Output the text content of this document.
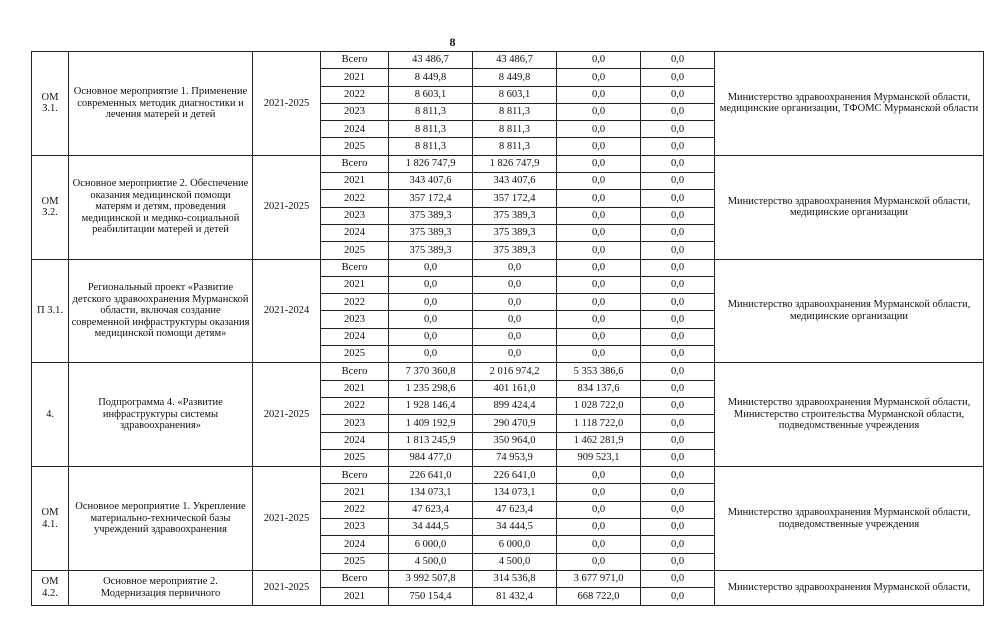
8
ОМ 3.1.	Основное мероприятие 1. Применение современных методик диагностики и лечения матерей и детей	2021-2025	Всего	43 486,7	43 486,7	0,0	0,0	Министерство здравоохранения Мурманской области, медицинские организации, ТФОМС Мурманской области
			2021	8 449,8	8 449,8	0,0	0,0	
			2022	8 603,1	8 603,1	0,0	0,0	
			2023	8 811,3	8 811,3	0,0	0,0	
			2024	8 811,3	8 811,3	0,0	0,0	
			2025	8 811,3	8 811,3	0,0	0,0	
ОМ 3.2.	Основное мероприятие 2. Обеспечение оказания медицинской помощи матерям и детям, проведения медицинской и медико-социальной реабилитации матерей и детей	2021-2025	Всего	1 826 747,9	1 826 747,9	0,0	0,0	Министерство здравоохранения Мурманской области, медицинские организации
			2021	343 407,6	343 407,6	0,0	0,0	
			2022	357 172,4	357 172,4	0,0	0,0	
			2023	375 389,3	375 389,3	0,0	0,0	
			2024	375 389,3	375 389,3	0,0	0,0	
			2025	375 389,3	375 389,3	0,0	0,0	
П 3.1.	Региональный проект «Развитие детского здравоохранения Мурманской области, включая создание современной инфраструктуры оказания медицинской помощи детям»	2021-2024	Всего	0,0	0,0	0,0	0,0	Министерство здравоохранения Мурманской области, медицинские организации
			2021	0,0	0,0	0,0	0,0	
			2022	0,0	0,0	0,0	0,0	
			2023	0,0	0,0	0,0	0,0	
			2024	0,0	0,0	0,0	0,0	
			2025	0,0	0,0	0,0	0,0	
4.	Подпрограмма 4. «Развитие инфраструктуры системы здравоохранения»	2021-2025	Всего	7 370 360,8	2 016 974,2	5 353 386,6	0,0	Министерство здравоохранения Мурманской области, Министерство строительства Мурманской области, подведомственные учреждения
			2021	1 235 298,6	401 161,0	834 137,6	0,0	
			2022	1 928 146,4	899 424,4	1 028 722,0	0,0	
			2023	1 409 192,9	290 470,9	1 118 722,0	0,0	
			2024	1 813 245,9	350 964,0	1 462 281,9	0,0	
			2025	984 477,0	74 953,9	909 523,1	0,0	
ОМ 4.1.	Основное мероприятие 1. Укрепление материально-технической базы учреждений здравоохранения	2021-2025	Всего	226 641,0	226 641,0	0,0	0,0	Министерство здравоохранения Мурманской области, подведомственные учреждения
			2021	134 073,1	134 073,1	0,0	0,0	
			2022	47 623,4	47 623,4	0,0	0,0	
			2023	34 444,5	34 444,5	0,0	0,0	
			2024	6 000,0	6 000,0	0,0	0,0	
			2025	4 500,0	4 500,0	0,0	0,0	
ОМ 4.2.	Основное мероприятие 2. Модернизация первичного	2021-2025	Всего	3 992 507,8	314 536,8	3 677 971,0	0,0	Министерство здравоохранения Мурманской области,
			2021	750 154,4	81 432,4	668 722,0	0,0	
